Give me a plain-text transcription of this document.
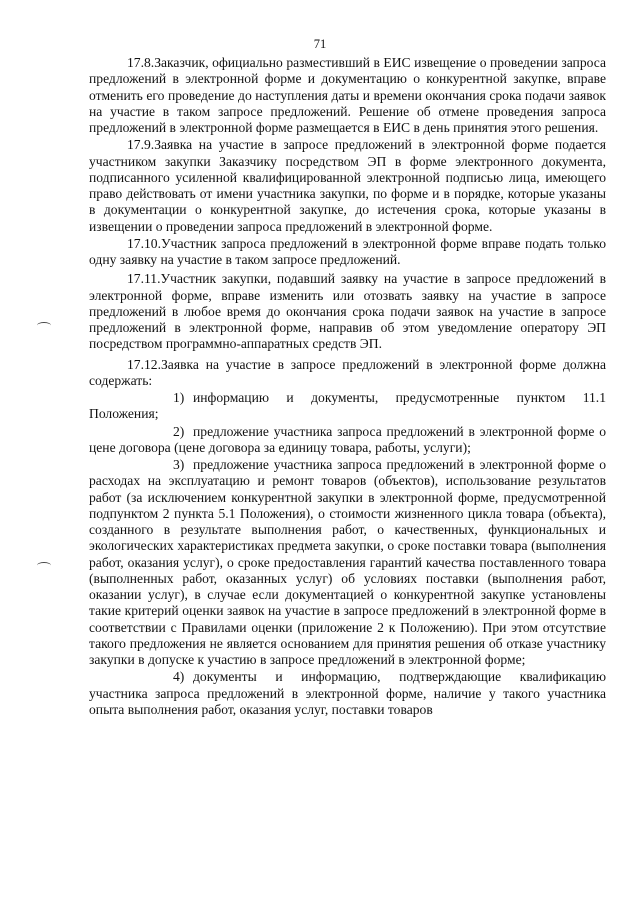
71

17.8.Заказчик, официально разместивший в ЕИС извещение о проведении запроса предложений в электронной форме и документацию о конкурентной закупке, вправе отменить его проведение до наступления даты и времени окончания срока подачи заявок на участие в таком запросе предложений. Решение об отмене проведения запроса предложений в электронной форме размещается в ЕИС в день принятия этого решения.

17.9.Заявка на участие в запросе предложений в электронной форме подается участником закупки Заказчику посредством ЭП в форме электронного документа, подписанного усиленной квалифицированной электронной подписью лица, имеющего право действовать от имени участника закупки, по форме и в порядке, которые указаны в документации о конкурентной закупке, до истечения срока, которые указаны в извещении о проведении запроса предложений в электронной форме.

17.10.Участник запроса предложений в электронной форме вправе подать только одну заявку на участие в таком запросе предложений.

17.11.Участник закупки, подавший заявку на участие в запросе предложений в электронной форме, вправе изменить или отозвать заявку на участие в запросе предложений в любое время до окончания срока подачи заявок на участие в запросе предложений в электронной форме, направив об этом уведомление оператору ЭП посредством программно-аппаратных средств ЭП.

17.12.Заявка на участие в запросе предложений в электронной форме должна содержать:

1) информацию и документы, предусмотренные пунктом 11.1 Положения;

2) предложение участника запроса предложений в электронной форме о цене договора (цене договора за единицу товара, работы, услуги);

3) предложение участника запроса предложений в электронной форме о расходах на эксплуатацию и ремонт товаров (объектов), использование результатов работ (за исключением конкурентной закупки в электронной форме, предусмотренной подпунктом 2 пункта 5.1 Положения), о стоимости жизненного цикла товара (объекта), созданного в результате выполнения работ, о качественных, функциональных и экологических характеристиках предмета закупки, о сроке поставки товара (выполнения работ, оказания услуг), о сроке предоставления гарантий качества поставленного товара (выполненных работ, оказанных услуг) об условиях поставки (выполнения работ, оказании услуг), в случае если документацией о конкурентной закупке установлены такие критерий оценки заявок на участие в запросе предложений в электронной форме в соответствии с Правилами оценки (приложение 2 к Положению). При этом отсутствие такого предложения не является основанием для принятия решения об отказе участнику закупки в допуске к участию в запросе предложений в электронной форме;

4) документы и информацию, подтверждающие квалификацию участника запроса предложений в электронной форме, наличие у такого участника опыта выполнения работ, оказания услуг, поставки товаров
